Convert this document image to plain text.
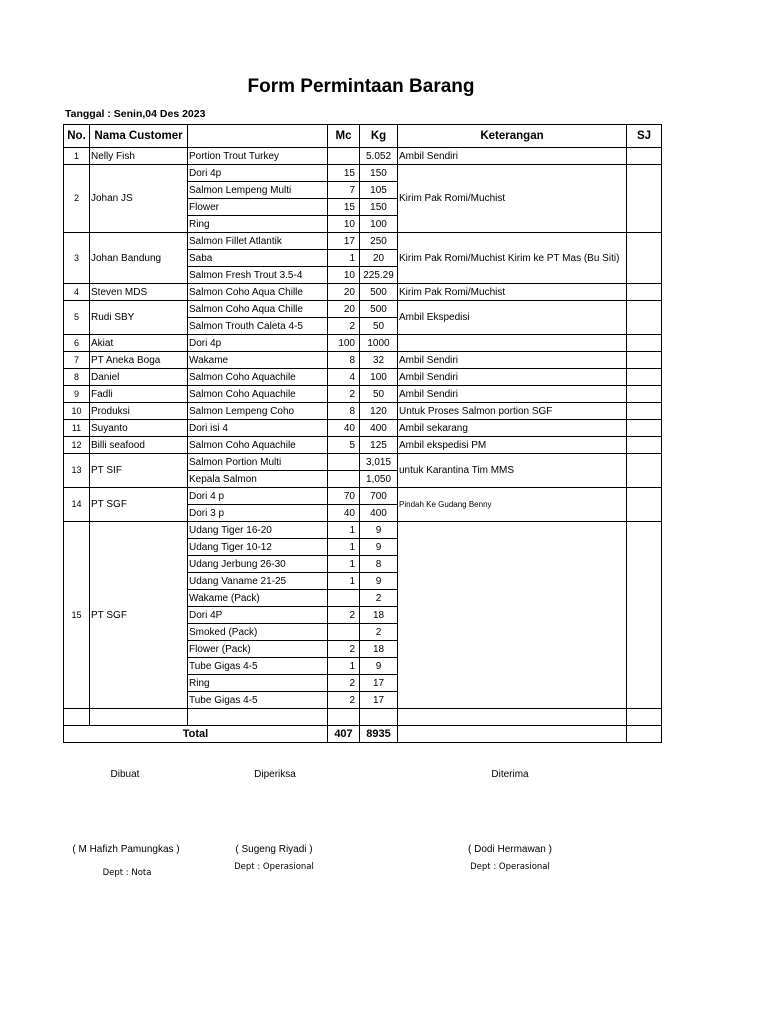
Form Permintaan Barang
Tanggal : Senin,04 Des 2023
No.	Nama Customer		Mc	Kg	Keterangan	SJ
1	Nelly Fish	Portion Trout Turkey		5.052	Ambil Sendiri	
2	Johan JS	Dori 4p	15	150	Kirim Pak Romi/Muchist	
		Salmon Lempeng Multi	7	105		
		Flower	15	150		
		Ring	10	100		
3	Johan Bandung	Salmon Fillet Atlantik	17	250	Kirim Pak Romi/Muchist Kirim ke PT Mas (Bu Siti)	
		Saba	1	20		
		Salmon Fresh Trout 3.5-4	10	225.29		
4	Steven MDS	Salmon Coho Aqua Chille	20	500	Kirim Pak Romi/Muchist	
5	Rudi SBY	Salmon Coho Aqua Chille	20	500	Ambil Ekspedisi	
		Salmon Trouth Caleta 4-5	2	50		
6	Akiat	Dori 4p	100	1000		
7	PT Aneka Boga	Wakame	8	32	Ambil Sendiri	
8	Daniel	Salmon Coho Aquachile	4	100	Ambil Sendiri	
9	Fadli	Salmon Coho Aquachile	2	50	Ambil Sendiri	
10	Produksi	Salmon Lempeng Coho	8	120	Untuk Proses Salmon portion SGF	
11	Suyanto	Dori isi 4	40	400	Ambil sekarang	
12	Billi seafood	Salmon Coho Aquachile	5	125	Ambil ekspedisi PM	
13	PT SIF	Salmon Portion Multi		3,015	untuk Karantina Tim MMS	
		Kepala Salmon		1,050		
14	PT SGF	Dori 4 p	70	700	Pindah Ke Gudang Benny	
		Dori 3 p	40	400		
15	PT SGF	Udang Tiger 16-20	1	9		
		Udang Tiger 10-12	1	9		
		Udang Jerbung 26-30	1	8		
		Udang Vaname 21-25	1	9		
		Wakame (Pack)		2		
		Dori 4P	2	18		
		Smoked (Pack)		2		
		Flower (Pack)	2	18		
		Tube Gigas 4-5	1	9		
		Ring	2	17		
		Tube Gigas 4-5	2	17		

Total			407	8935		
Dibuat	Diperiksa	Diterima
( M Hafizh Pamungkas )	( Sugeng Riyadi )	( Dodi Hermawan )
Dept : Nota
Dept : Operasional	Dept : Operasional
